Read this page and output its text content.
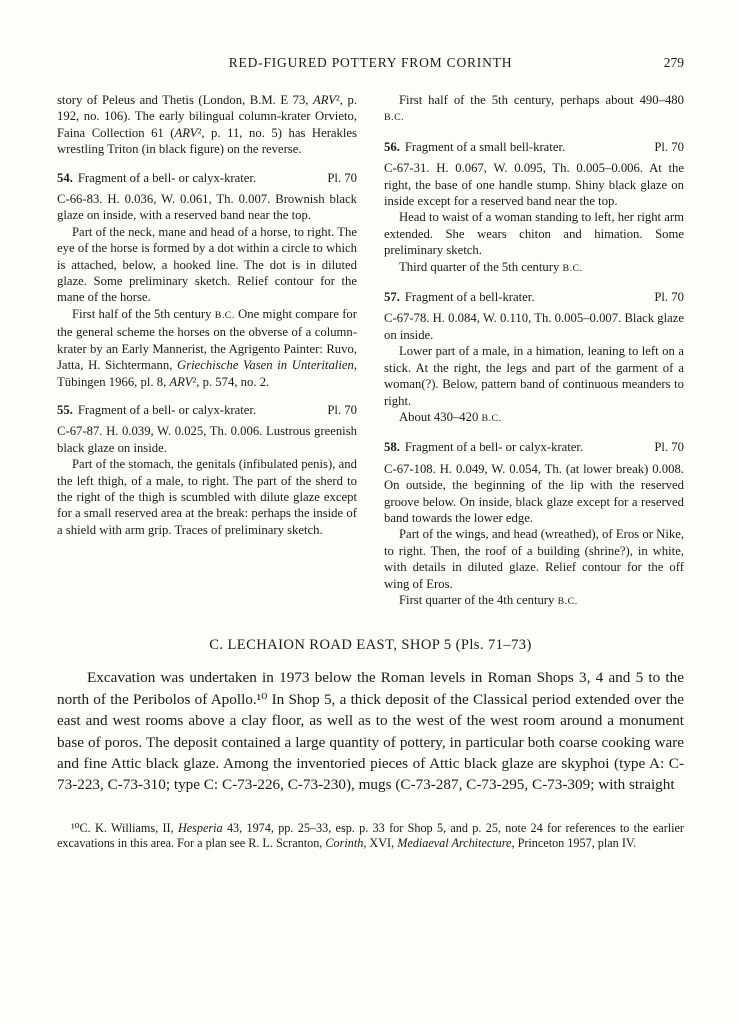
RED-FIGURED POTTERY FROM CORINTH	279

story of Peleus and Thetis (London, B.M. E 73, ARV², p. 192, no. 106). The early bilingual column-krater Orvieto, Faina Collection 61 (ARV², p. 11, no. 5) has Herakles wrestling Triton (in black figure) on the reverse.

54. Fragment of a bell- or calyx-krater.	Pl. 70

C-66-83. H. 0.036, W. 0.061, Th. 0.007. Brownish black glaze on inside, with a reserved band near the top.

Part of the neck, mane and head of a horse, to right. The eye of the horse is formed by a dot within a circle to which is attached, below, a hooked line. The dot is in diluted glaze. Some preliminary sketch. Relief contour for the mane of the horse.

First half of the 5th century B.C. One might compare for the general scheme the horses on the obverse of a column-krater by an Early Mannerist, the Agrigento Painter: Ruvo, Jatta, H. Sichtermann, Griechische Vasen in Unteritalien, Tübingen 1966, pl. 8, ARV², p. 574, no. 2.

55. Fragment of a bell- or calyx-krater.	Pl. 70

C-67-87. H. 0.039, W. 0.025, Th. 0.006. Lustrous greenish black glaze on inside.

Part of the stomach, the genitals (infibulated penis), and the left thigh, of a male, to right. The part of the sherd to the right of the thigh is scumbled with dilute glaze except for a small reserved area at the break: perhaps the inside of a shield with arm grip. Traces of preliminary sketch.

First half of the 5th century, perhaps about 490–480 B.C.

56. Fragment of a small bell-krater.	Pl. 70

C-67-31. H. 0.067, W. 0.095, Th. 0.005–0.006. At the right, the base of one handle stump. Shiny black glaze on inside except for a reserved band near the top.

Head to waist of a woman standing to left, her right arm extended. She wears chiton and himation. Some preliminary sketch.

Third quarter of the 5th century B.C.

57. Fragment of a bell-krater.	Pl. 70

C-67-78. H. 0.084, W. 0.110, Th. 0.005–0.007. Black glaze on inside.

Lower part of a male, in a himation, leaning to left on a stick. At the right, the legs and part of the garment of a woman(?). Below, pattern band of continuous meanders to right.

About 430–420 B.C.

58. Fragment of a bell- or calyx-krater.	Pl. 70

C-67-108. H. 0.049, W. 0.054, Th. (at lower break) 0.008. On outside, the beginning of the lip with the reserved groove below. On inside, black glaze except for a reserved band towards the lower edge.

Part of the wings, and head (wreathed), of Eros or Nike, to right. Then, the roof of a building (shrine?), in white, with details in diluted glaze. Relief contour for the off wing of Eros.

First quarter of the 4th century B.C.

C. LECHAION ROAD EAST, SHOP 5 (Pls. 71–73)

Excavation was undertaken in 1973 below the Roman levels in Roman Shops 3, 4 and 5 to the north of the Peribolos of Apollo.¹⁰ In Shop 5, a thick deposit of the Classical period extended over the east and west rooms above a clay floor, as well as to the west of the west room around a monument base of poros. The deposit contained a large quantity of pottery, in particular both coarse cooking ware and fine Attic black glaze. Among the inventoried pieces of Attic black glaze are skyphoi (type A: C-73-223, C-73-310; type C: C-73-226, C-73-230), mugs (C-73-287, C-73-295, C-73-309; with straight

¹⁰C. K. Williams, II, Hesperia 43, 1974, pp. 25–33, esp. p. 33 for Shop 5, and p. 25, note 24 for references to the earlier excavations in this area. For a plan see R. L. Scranton, Corinth, XVI, Mediaeval Architecture, Princeton 1957, plan IV.
